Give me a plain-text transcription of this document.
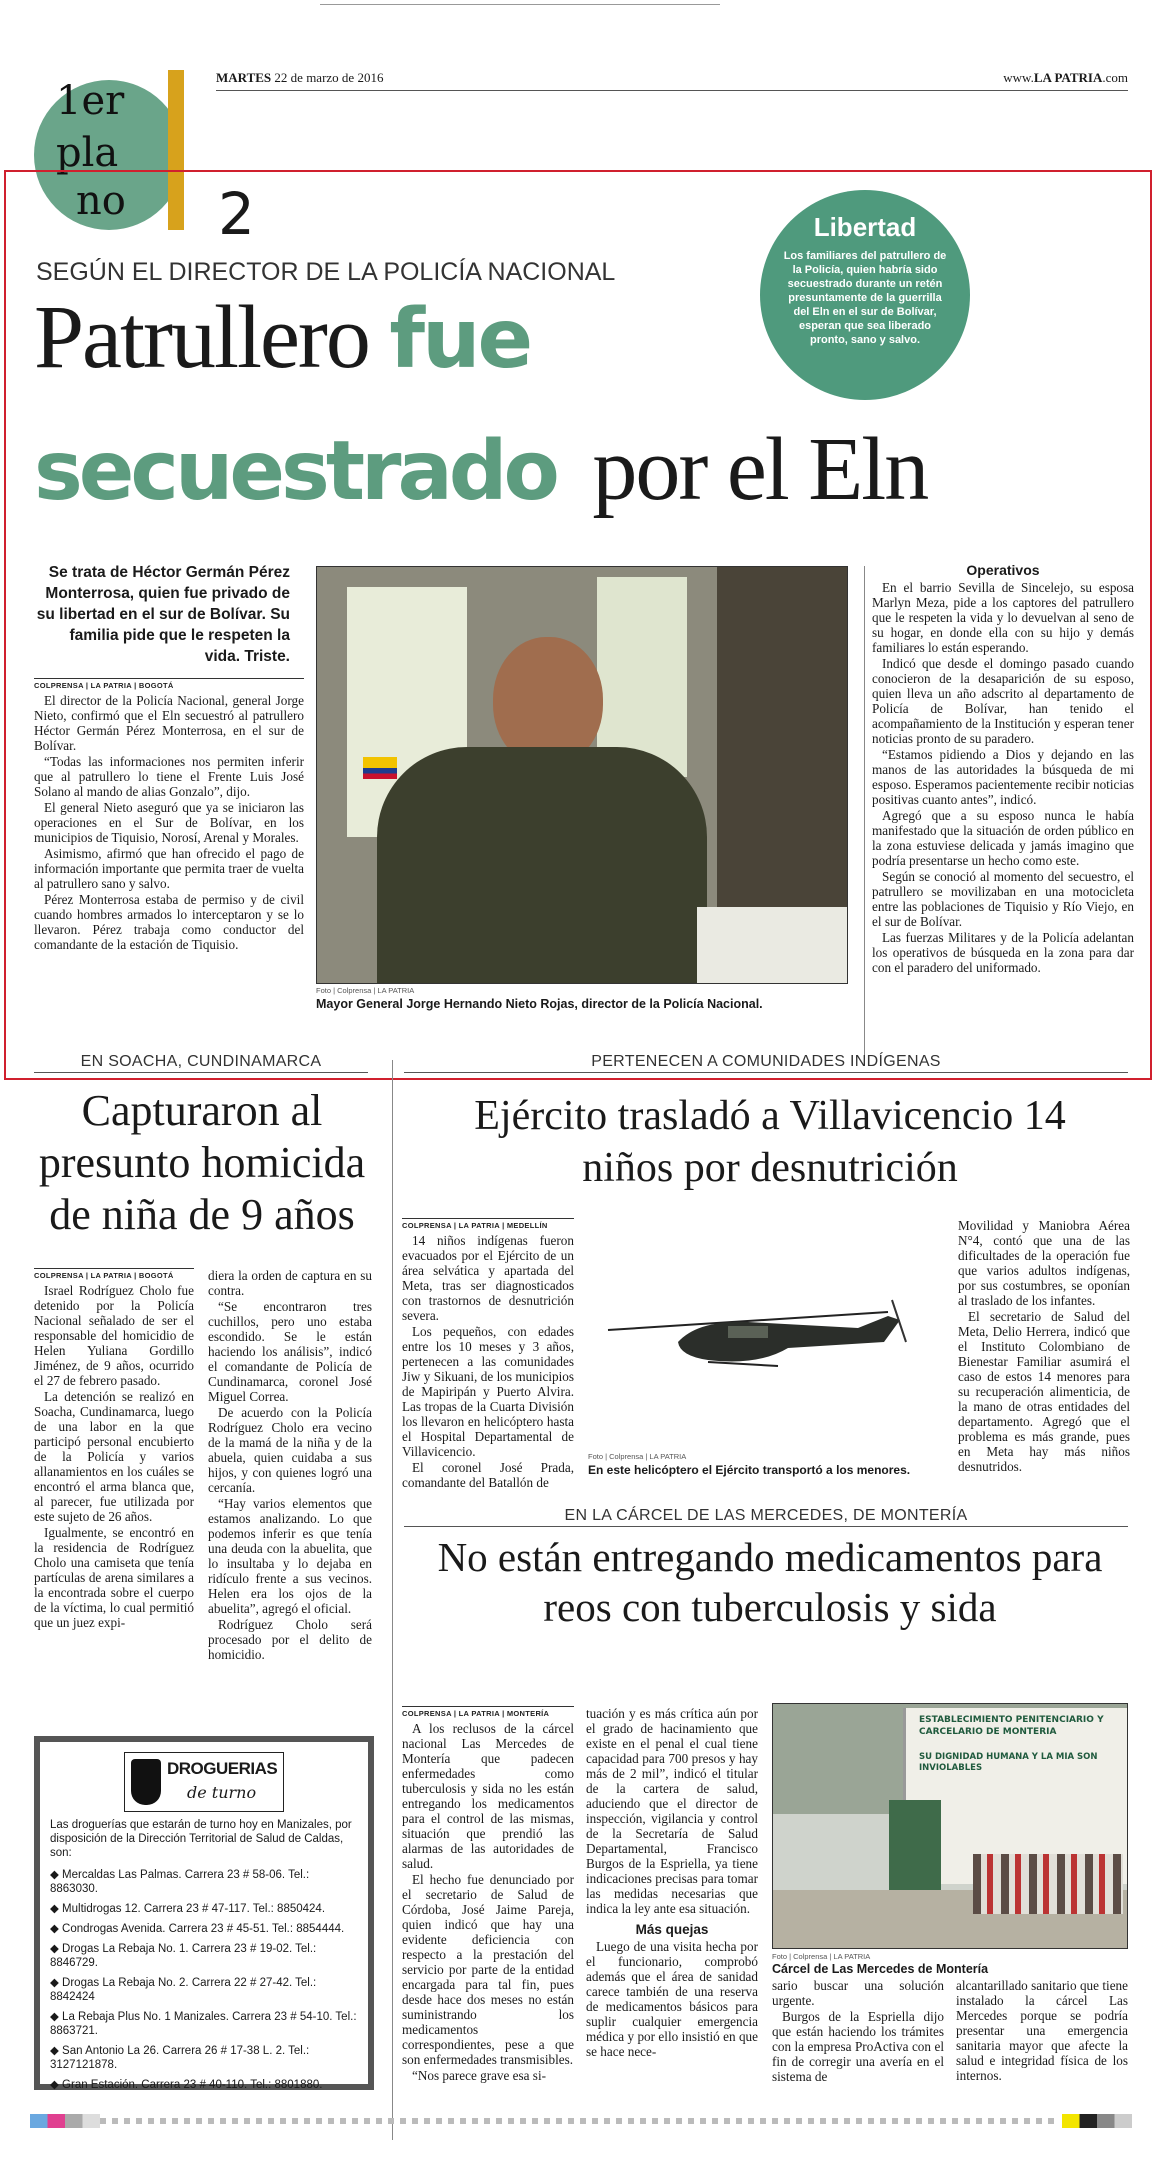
1er
pla
no
MARTES 22 de marzo de 2016	www.LA PATRIA.com
2
SEGÚN EL DIRECTOR DE LA POLICÍA NACIONAL
Patrullero fue
secuestrado por el Eln
Libertad
Los familiares del patrullero de la Policía, quien habría sido secuestrado durante un retén presuntamente de la guerrilla del Eln en el sur de Bolívar, esperan que sea liberado pronto, sano y salvo.
Se trata de Héctor Germán Pérez Monterrosa, quien fue privado de su libertad en el sur de Bolívar. Su familia pide que le respeten la vida. Triste.
COLPRENSA | LA PATRIA | BOGOTÁ

El director de la Policía Nacional, general Jorge Nieto, confirmó que el Eln secuestró al patrullero Héctor Germán Pérez Monterrosa, en el sur de Bolívar.

“Todas las informaciones nos permiten inferir que al patrullero lo tiene el Frente Luis José Solano al mando de alias Gonzalo”, dijo.

El general Nieto aseguró que ya se iniciaron las operaciones en el Sur de Bolívar, en los municipios de Tiquisio, Norosí, Arenal y Morales.

Asimismo, afirmó que han ofrecido el pago de información importante que permita traer de vuelta al patrullero sano y salvo.

Pérez Monterrosa estaba de permiso y de civil cuando hombres armados lo interceptaron y se lo llevaron. Pérez trabaja como conductor del comandante de la estación de Tiquisio.

Foto | Colprensa | LA PATRIA
Mayor General Jorge Hernando Nieto Rojas, director de la Policía Nacional.
Operativos

En el barrio Sevilla de Sincelejo, su esposa Marlyn Meza, pide a los captores del patrullero que le respeten la vida y lo devuelvan al seno de su hogar, en donde ella con su hijo y demás familiares lo están esperando.

Indicó que desde el domingo pasado cuando conocieron de la desaparición de su esposo, quien lleva un año adscrito al departamento de Policía de Bolívar, han tenido el acompañamiento de la Institución y esperan tener noticias pronto de su paradero.

“Estamos pidiendo a Dios y dejando en las manos de las autoridades la búsqueda de mi esposo. Esperamos pacientemente recibir noticias positivas cuanto antes”, indicó.

Agregó que a su esposo nunca le había manifestado que la situación de orden público en la zona estuviese delicada y jamás imagino que podría presentarse un hecho como este.

Según se conoció al momento del secuestro, el patrullero se movilizaban en una motocicleta entre las poblaciones de Tiquisio y Río Viejo, en el sur de Bolívar.

Las fuerzas Militares y de la Policía adelantan los operativos de búsqueda en la zona para dar con el paradero del uniformado.

EN SOACHA, CUNDINAMARCA
Capturaron al presunto homicida de niña de 9 años
COLPRENSA | LA PATRIA | BOGOTÁ

Israel Rodríguez Cholo fue detenido por la Policía Nacional señalado de ser el responsable del homicidio de Helen Yuliana Gordillo Jiménez, de 9 años, ocurrido el 27 de febrero pasado.

La detención se realizó en Soacha, Cundinamarca, luego de una labor en la que participó personal encubierto de la Policía y varios allanamientos en los cuáles se encontró el arma blanca que, al parecer, fue utilizada por este sujeto de 26 años.

Igualmente, se encontró en la residencia de Rodríguez Cholo una camiseta que tenía partículas de arena similares a la encontrada sobre el cuerpo de la víctima, lo cual permitió que un juez expi-

diera la orden de captura en su contra.

“Se encontraron tres cuchillos, pero uno estaba escondido. Se le están haciendo los análisis”, indicó el comandante de Policía de Cundinamarca, coronel José Miguel Correa.

De acuerdo con la Policía Rodríguez Cholo era vecino de la mamá de la niña y de la abuela, quien cuidaba a sus hijos, y con quienes logró una cercanía.

“Hay varios elementos que estamos analizando. Lo que podemos inferir es que tenía una deuda con la abuelita, que lo insultaba y lo dejaba en ridículo frente a sus vecinos. Helen era los ojos de la abuelita”, agregó el oficial.

Rodríguez Cholo será procesado por el delito de homicidio.

PERTENECEN A COMUNIDADES INDÍGENAS
Ejército trasladó a Villavicencio 14 niños por desnutrición
COLPRENSA | LA PATRIA | MEDELLÍN

14 niños indígenas fueron evacuados por el Ejército de un área selvática y apartada del Meta, tras ser diagnosticados con trastornos de desnutrición severa.

Los pequeños, con edades entre los 10 meses y 3 años, pertenecen a las comunidades Jiw y Sikuani, de los municipios de Mapiripán y Puerto Alvira. Las tropas de la Cuarta División los llevaron en helicóptero hasta el Hospital Departamental de Villavicencio.

El coronel José Prada, comandante del Batallón de

Foto | Colprensa | LA PATRIA
En este helicóptero el Ejército transportó a los menores.

Movilidad y Maniobra Aérea N°4, contó que una de las dificultades de la operación fue que varios adultos indígenas, por sus costumbres, se oponían al traslado de los infantes.

El secretario de Salud del Meta, Delio Herrera, indicó que el Instituto Colombiano de Bienestar Familiar asumirá el caso de estos 14 menores para su recuperación alimenticia, de la mano de otras entidades del departamento. Agregó que el problema es más grande, pues en Meta hay más niños desnutridos.

EN LA CÁRCEL DE LAS MERCEDES, DE MONTERÍA
No están entregando medicamentos para reos con tuberculosis y sida
COLPRENSA | LA PATRIA | MONTERÍA

A los reclusos de la cárcel nacional Las Mercedes de Montería que padecen enfermedades como tuberculosis y sida no les están entregando los medicamentos para el control de las mismas, situación que prendió las alarmas de las autoridades de salud.

El hecho fue denunciado por el secretario de Salud de Córdoba, José Jaime Pareja, quien indicó que hay una evidente deficiencia con respecto a la prestación del servicio por parte de la entidad encargada para tal fin, pues desde hace dos meses no están suministrando los medicamentos correspondientes, pese a que son enfermedades transmisibles.

“Nos parece grave esa si-

tuación y es más crítica aún por el grado de hacinamiento que existe en el penal el cual tiene capacidad para 700 presos y hay más de 2 mil”, indicó el titular de la cartera de salud, aduciendo que el director de inspección, vigilancia y control de la Secretaría de Salud Departamental, Francisco Burgos de la Espriella, ya tiene indicaciones precisas para tomar las medidas necesarias que indica la ley ante esa situación.

Más quejas

Luego de una visita hecha por el funcionario, comprobó además que el área de sanidad carece también de una reserva de medicamentos básicos para suplir cualquier emergencia médica y por ello insistió en que se hace nece-

ESTABLECIMIENTO PENITENCIARIO Y CARCELARIO DE MONTERIA
SU DIGNIDAD HUMANA Y LA MIA SON INVIOLABLES
Foto | Colprensa | LA PATRIA
Cárcel de Las Mercedes de Montería

sario buscar una solución urgente.

Burgos de la Espriella dijo que están haciendo los trámites con la empresa ProActiva con el fin de corregir una avería en el sistema de

alcantarillado sanitario que tiene instalado la cárcel Las Mercedes porque se podría presentar una emergencia sanitaria mayor que afecte la salud e integridad física de los internos.

DROGUERIAS
de turno
Las droguerías que estarán de turno hoy en Manizales, por disposición de la Dirección Territorial de Salud de Caldas, son:
◆ Mercaldas Las Palmas. Carrera 23 # 58-06. Tel.: 8863030.
◆ Multidrogas 12. Carrera 23 # 47-117. Tel.: 8850424.
◆ Condrogas Avenida. Carrera 23 # 45-51. Tel.: 8854444.
◆ Drogas La Rebaja No. 1. Carrera 23 # 19-02. Tel.: 8846729.
◆ Drogas La Rebaja No. 2. Carrera 22 # 27-42. Tel.: 8842424
◆ La Rebaja Plus No. 1 Manizales. Carrera 23 # 54-10. Tel.: 8863721.
◆ San Antonio La 26. Carrera 26 # 17-38 L. 2. Tel.: 3127121878.
◆ Gran Estación. Carrera 23 # 40-110. Tel.: 8801880.
